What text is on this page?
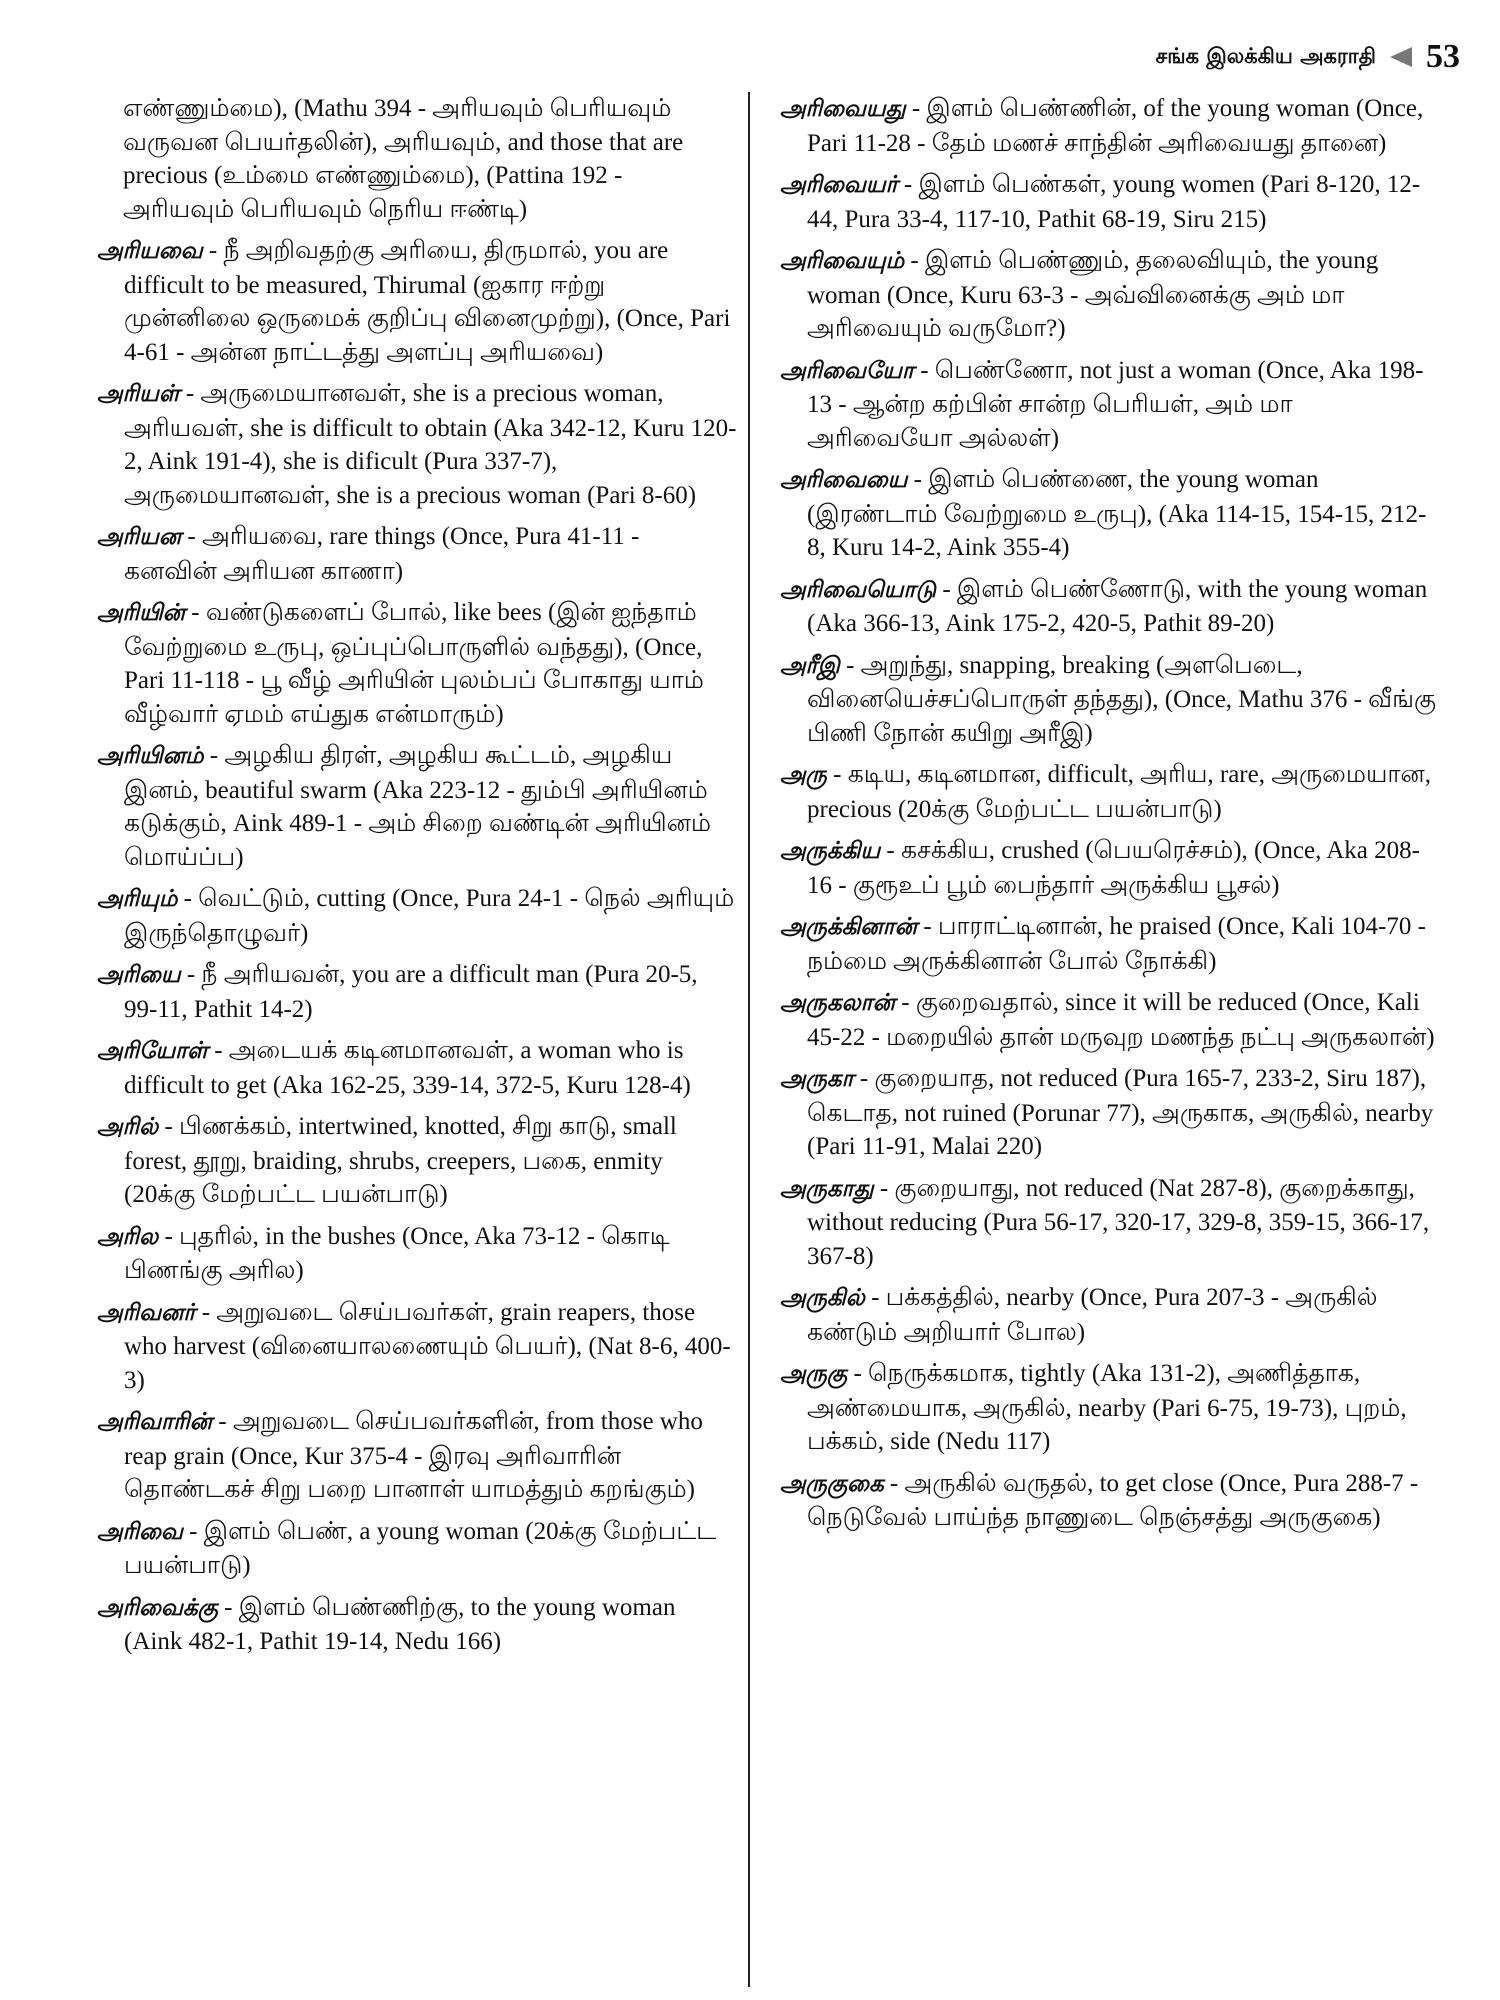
சங்க இலக்கிய அகராதி 53

எண்ணும்மை), (Mathu 394 - அரியவும் பெரியவும் வருவன பெயர்தலின்), அரியவும், and those that are precious (உம்மை எண்ணும்மை), (Pattina 192 - அரியவும் பெரியவும் நெரிய ஈண்டி)

அரியவை - நீ அறிவதற்கு அரியை, திருமால், you are difficult to be measured, Thirumal (ஐகார ஈற்று முன்னிலை ஒருமைக் குறிப்பு வினைமுற்று), (Once, Pari 4-61 - அன்ன நாட்டத்து அளப்பு அரியவை)

அரியள் - அருமையானவள், she is a precious woman, அரியவள், she is difficult to obtain (Aka 342-12, Kuru 120-2, Aink 191-4), she is dificult (Pura 337-7), அருமையானவள், she is a precious woman (Pari 8-60)

அரியன - அரியவை, rare things (Once, Pura 41-11 - கனவின் அரியன காணா)

அரியின் - வண்டுகளைப் போல், like bees (இன் ஐந்தாம் வேற்றுமை உருபு, ஒப்புப்பொருளில் வந்தது), (Once, Pari 11-118 - பூ வீழ் அரியின் புலம்பப் போகாது யாம் வீழ்வார் ஏமம் எய்துக என்மாரும்)

அரியினம் - அழகிய திரள், அழகிய கூட்டம், அழகிய இனம், beautiful swarm (Aka 223-12 - தும்பி அரியினம் கடுக்கும், Aink 489-1 - அம் சிறை வண்டின் அரியினம் மொய்ப்ப)

அரியும் - வெட்டும், cutting (Once, Pura 24-1 - நெல் அரியும் இருந்தொழுவர்)

அரியை - நீ அரியவன், you are a difficult man (Pura 20-5, 99-11, Pathit 14-2)

அரியோள் - அடையக் கடினமானவள், a woman who is difficult to get (Aka 162-25, 339-14, 372-5, Kuru 128-4)

அரில் - பிணக்கம், intertwined, knotted, சிறு காடு, small forest, தூறு, braiding, shrubs, creepers, பகை, enmity (20க்கு மேற்பட்ட பயன்பாடு)

அரில - புதரில், in the bushes (Once, Aka 73-12 - கொடி பிணங்கு அரில)

அரிவனர் - அறுவடை செய்பவர்கள், grain reapers, those who harvest (வினையாலணையும் பெயர்), (Nat 8-6, 400-3)

அரிவாரின் - அறுவடை செய்பவர்களின், from those who reap grain (Once, Kur 375-4 - இரவு அரிவாரின் தொண்டகச் சிறு பறை பானாள் யாமத்தும் கறங்கும்)

அரிவை - இளம் பெண், a young woman (20க்கு மேற்பட்ட பயன்பாடு)

அரிவைக்கு - இளம் பெண்ணிற்கு, to the young woman (Aink 482-1, Pathit 19-14, Nedu 166)

அரிவையது - இளம் பெண்ணின், of the young woman (Once, Pari 11-28 - தேம் மணச் சாந்தின் அரிவையது தானை)

அரிவையர் - இளம் பெண்கள், young women (Pari 8-120, 12-44, Pura 33-4, 117-10, Pathit 68-19, Siru 215)

அரிவையும் - இளம் பெண்ணும், தலைவியும், the young woman (Once, Kuru 63-3 - அவ்வினைக்கு அம் மா அரிவையும் வருமோ?)

அரிவையோ - பெண்ணோ, not just a woman (Once, Aka 198-13 - ஆன்ற கற்பின் சான்ற பெரியள், அம் மா அரிவையோ அல்லள்)

அரிவையை - இளம் பெண்ணை, the young woman (இரண்டாம் வேற்றுமை உருபு), (Aka 114-15, 154-15, 212-8, Kuru 14-2, Aink 355-4)

அரிவையொடு - இளம் பெண்ணோடு, with the young woman (Aka 366-13, Aink 175-2, 420-5, Pathit 89-20)

அரீஇ - அறுந்து, snapping, breaking (அளபெடை, வினையெச்சப்பொருள் தந்தது), (Once, Mathu 376 - வீங்கு பிணி நோன் கயிறு அரீஇ)

அரு - கடிய, கடினமான, difficult, அரிய, rare, அருமையான, precious (20க்கு மேற்பட்ட பயன்பாடு)

அருக்கிய - கசக்கிய, crushed (பெயரெச்சம்), (Once, Aka 208-16 - குரூஉப் பூம் பைந்தார் அருக்கிய பூசல்)

அருக்கினான் - பாராட்டினான், he praised (Once, Kali 104-70 - நம்மை அருக்கினான் போல் நோக்கி)

அருகலான் - குறைவதால், since it will be reduced (Once, Kali 45-22 - மறையில் தான் மருவுற மணந்த நட்பு அருகலான்)

அருகா - குறையாத, not reduced (Pura 165-7, 233-2, Siru 187), கெடாத, not ruined (Porunar 77), அருகாக, அருகில், nearby (Pari 11-91, Malai 220)

அருகாது - குறையாது, not reduced (Nat 287-8), குறைக்காது, without reducing (Pura 56-17, 320-17, 329-8, 359-15, 366-17, 367-8)

அருகில் - பக்கத்தில், nearby (Once, Pura 207-3 - அருகில் கண்டும் அறியார் போல)

அருகு - நெருக்கமாக, tightly (Aka 131-2), அணித்தாக, அண்மையாக, அருகில், nearby (Pari 6-75, 19-73), புறம், பக்கம், side (Nedu 117)

அருகுகை - அருகில் வருதல், to get close (Once, Pura 288-7 - நெடுவேல் பாய்ந்த நாணுடை நெஞ்சத்து அருகுகை)
